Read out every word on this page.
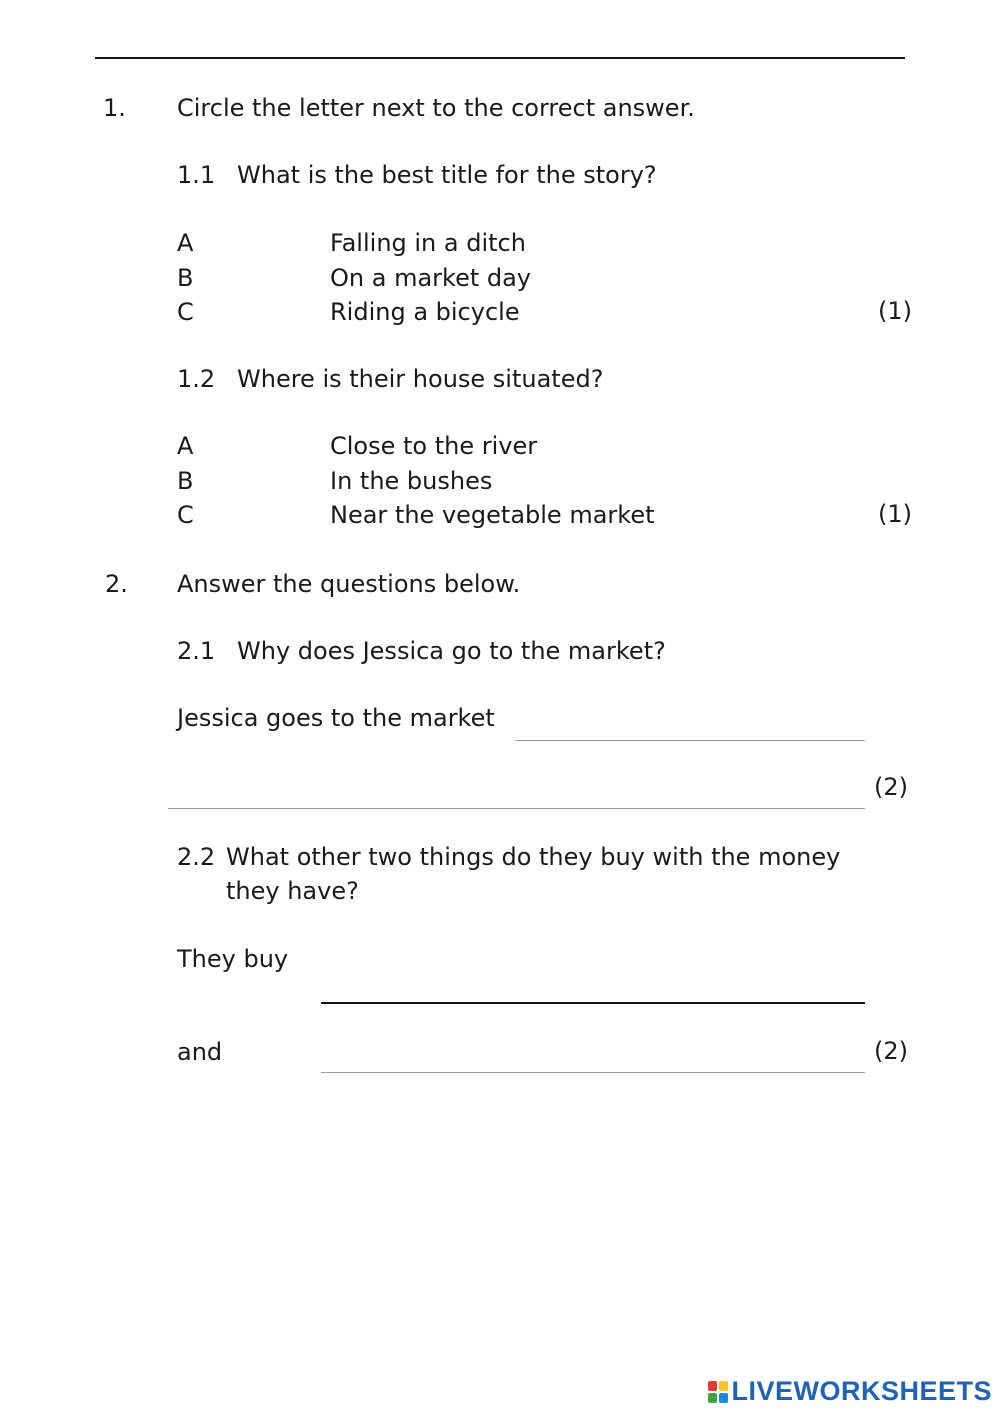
1. Circle the letter next to the correct answer.
1.1 What is the best title for the story?
A	Falling in a ditch
B	On a market day
C	Riding a bicycle	(1)
1.2 Where is their house situated?
A	Close to the river
B	In the bushes
C	Near the vegetable market	(1)
2. Answer the questions below.
2.1 Why does Jessica go to the market?
Jessica goes to the market
(2)
2.2 What other two things do they buy with the money
they have?
They buy
and	(2)
LIVEWORKSHEETS
